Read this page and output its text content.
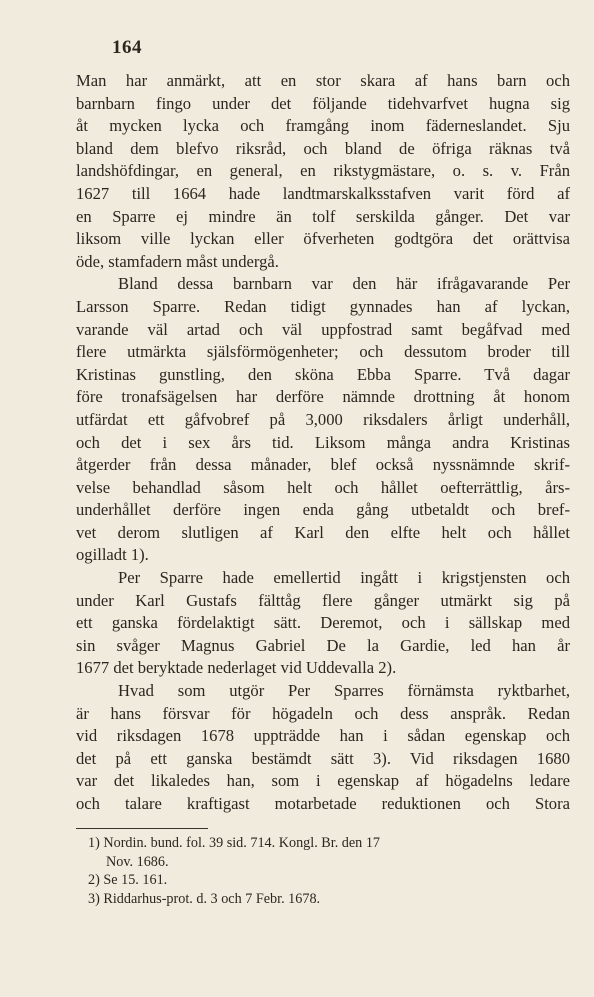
164
Man har anmärkt, att en stor skara af hans barn och
barnbarn fingo under det följande tidehvarfvet hugna sig
åt mycken lycka och framgång inom fäderneslandet. Sju
bland dem blefvo riksråd, och bland de öfriga räknas två
landshöfdingar, en general, en rikstygmästare, o. s. v. Från
1627 till 1664 hade landtmarskalksstafven varit förd af
en Sparre ej mindre än tolf serskilda gånger. Det var
liksom ville lyckan eller öfverheten godtgöra det orättvisa
öde, stamfadern måst undergå.
Bland dessa barnbarn var den här ifrågavarande Per
Larsson Sparre. Redan tidigt gynnades han af lyckan,
varande väl artad och väl uppfostrad samt begåfvad med
flere utmärkta själsförmögenheter; och dessutom broder till
Kristinas gunstling, den sköna Ebba Sparre. Två dagar
före tronafsägelsen har derföre nämnde drottning åt honom
utfärdat ett gåfvobref på 3,000 riksdalers årligt underhåll,
och det i sex års tid. Liksom många andra Kristinas
åtgerder från dessa månader, blef också nyssnämnde skrif-
velse behandlad såsom helt och hållet oefterrättlig, års-
underhållet derföre ingen enda gång utbetaldt och bref-
vet derom slutligen af Karl den elfte helt och hållet
ogilladt 1).
Per Sparre hade emellertid ingått i krigstjensten och
under Karl Gustafs fälttåg flere gånger utmärkt sig på
ett ganska fördelaktigt sätt. Deremot, och i sällskap med
sin svåger Magnus Gabriel De la Gardie, led han år
1677 det beryktade nederlaget vid Uddevalla 2).
Hvad som utgör Per Sparres förnämsta ryktbarhet,
är hans försvar för högadeln och dess anspråk. Redan
vid riksdagen 1678 uppträdde han i sådan egenskap och
det på ett ganska bestämdt sätt 3). Vid riksdagen 1680
var det likaledes han, som i egenskap af högadelns ledare
och talare kraftigast motarbetade reduktionen och Stora
1) Nordin. bund. fol. 39 sid. 714. Kongl. Br. den 17
Nov. 1686.
2) Se 15. 161.
3) Riddarhus-prot. d. 3 och 7 Febr. 1678.
